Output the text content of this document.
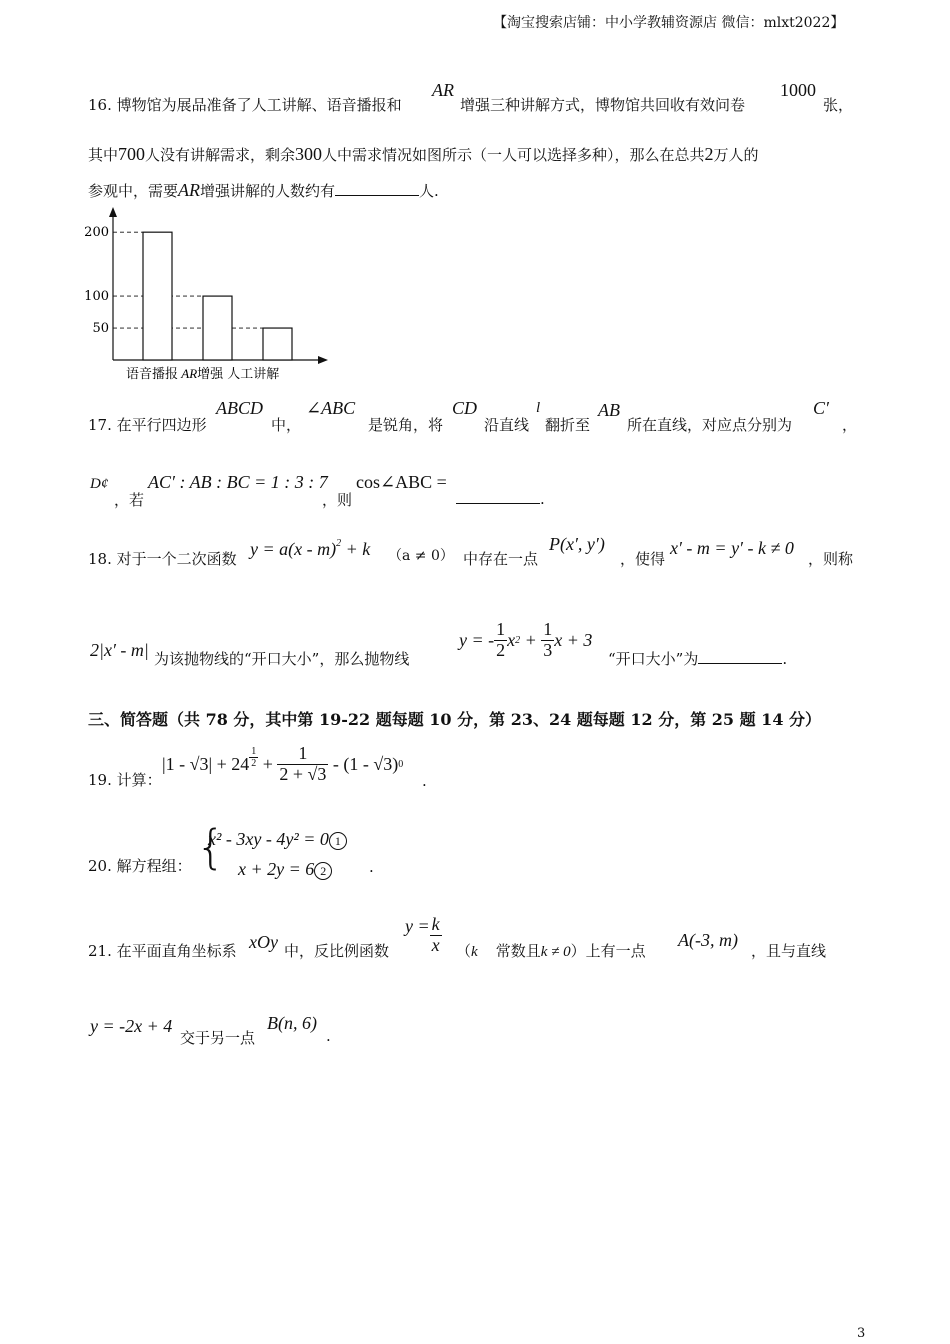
【淘宝搜索店铺：中小学教辅资源店 微信：mlxt2022】
16. 博物馆为展品准备了人工讲解、语音播报和
AR
增强三种讲解方式，博物馆共回收有效问卷
1000
张，
其中700人没有讲解需求，剩余300人中需求情况如图所示（一人可以选择多种），那么在总共2万人的
参观中，需要AR增强讲解的人数约有	人.
200
100
50
语音播报 AR增强 人工讲解
17. 在平行四边形
ABCD
中，
∠ABC
是锐角，将
CD
沿直线
l
翻折至
AB
所在直线，对应点分别为
C′
，
D¢
，若
AC′ : AB : BC = 1 : 3 : 7
，则
cos∠ABC =
.
18. 对于一个二次函数 y = a(x - m)$^2$ + k （a ≠ 0） 中存在一点
P(x′, y′)
，使得
x′ - m = y′ - k ≠ 0
，则称
2|x′ - m| 为该抛物线的“开口大小”，那么抛物线
y = - $\frac{1}{2}$ x $2 + \frac{1}{3}$ x + 3
“开口大小”为	.
三、简答题（共 78 分，其中第 19-22 题每题 10 分，第 23、24 题每题 12 分，第 25 题 14 分）
19. 计算：
$|1 - √3| + 24 \frac{1}{2} + \frac{1}{2 + √3} - (1 - √3)$ 0
.
20. 解方程组： {
x² - 3xy - 4y² = 0 1
x + 2y = 6 2	.
21. 在平面直角坐标系 xOy 中，反比例函数
$y = \frac{k}{x} (k$ 常数且k ≠ 0）上有一点
A(-3, m)
，且与直线
y = -2x + 4
交于另一点
B(n, 6)
.
3
